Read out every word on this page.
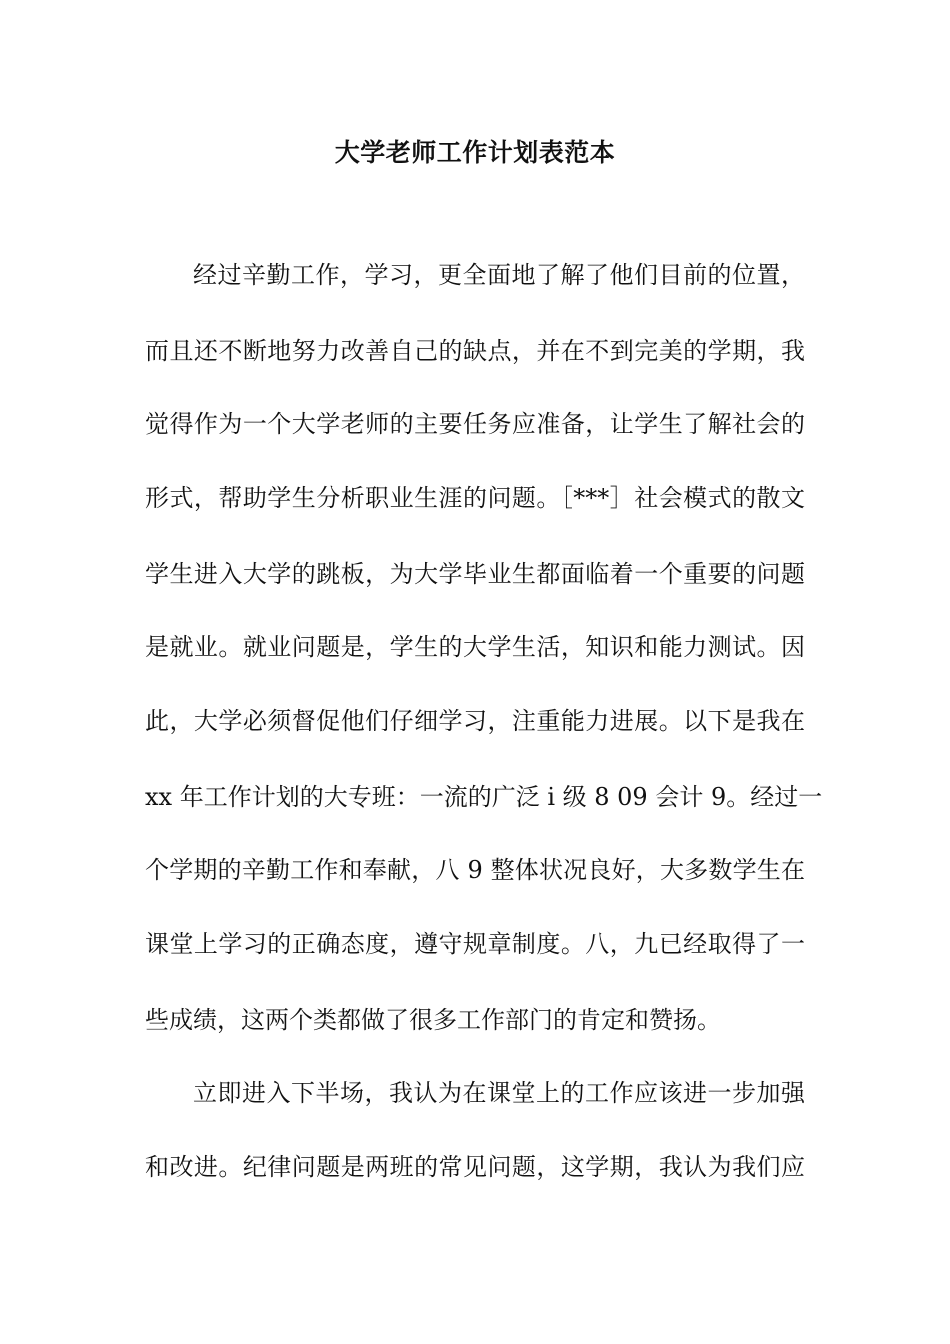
大学老师工作计划表范本
经过辛勤工作，学习，更全面地了解了他们目前的位置，
而且还不断地努力改善自己的缺点，并在不到完美的学期，我
觉得作为一个大学老师的主要任务应准备，让学生了解社会的
形式，帮助学生分析职业生涯的问题。［***］社会模式的散文
学生进入大学的跳板，为大学毕业生都面临着一个重要的问题
是就业。就业问题是，学生的大学生活，知识和能力测试。因
此，大学必须督促他们仔细学习，注重能力进展。以下是我在
xx 年工作计划的大专班：一流的广泛 i 级 8 09 会计 9。经过一
个学期的辛勤工作和奉献，八 9 整体状况良好，大多数学生在
课堂上学习的正确态度，遵守规章制度。八，九已经取得了一
些成绩，这两个类都做了很多工作部门的肯定和赞扬。
立即进入下半场，我认为在课堂上的工作应该进一步加强
和改进。纪律问题是两班的常见问题，这学期，我认为我们应
